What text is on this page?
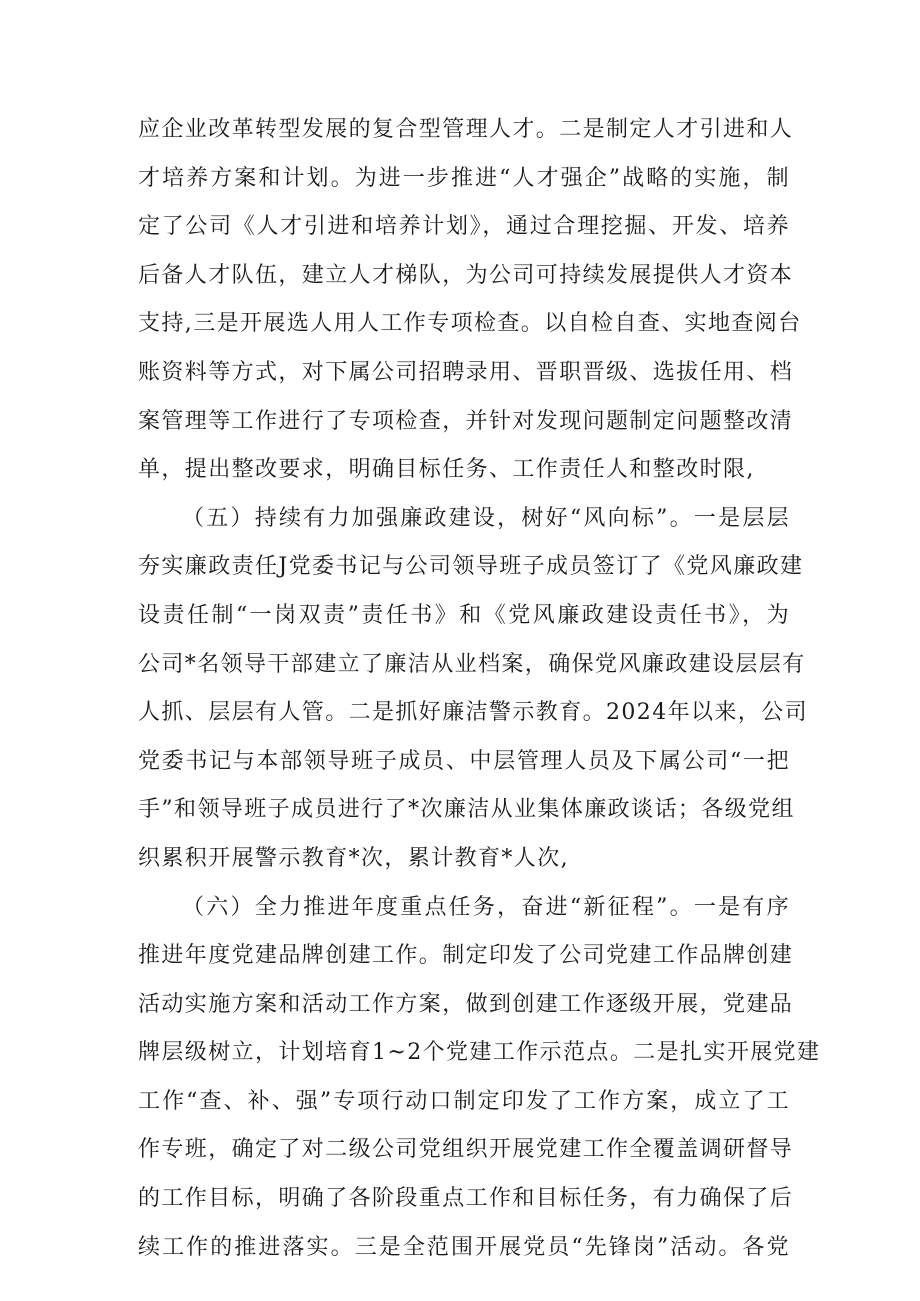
应企业改革转型发展的复合型管理人才。二是制定人才引进和人
才培养方案和计划。为进一步推进“人才强企”战略的实施，制
定了公司《人才引进和培养计划》，通过合理挖掘、开发、培养
后备人才队伍，建立人才梯队，为公司可持续发展提供人才资本
支持,三是开展选人用人工作专项检查。以自检自查、实地查阅台
账资料等方式，对下属公司招聘录用、晋职晋级、选拔任用、档
案管理等工作进行了专项检查，并针对发现问题制定问题整改清
单，提出整改要求，明确目标任务、工作责任人和整改时限,
（五）持续有力加强廉政建设，树好“风向标”。一是层层
夯实廉政责任J党委书记与公司领导班子成员签订了《党风廉政建
设责任制“一岗双责”责任书》和《党风廉政建设责任书》，为
公司*名领导干部建立了廉洁从业档案，确保党风廉政建设层层有
人抓、层层有人管。二是抓好廉洁警示教育。2024年以来，公司
党委书记与本部领导班子成员、中层管理人员及下属公司“一把
手”和领导班子成员进行了*次廉洁从业集体廉政谈话；各级党组
织累积开展警示教育*次，累计教育*人次,
（六）全力推进年度重点任务，奋进“新征程”。一是有序
推进年度党建品牌创建工作。制定印发了公司党建工作品牌创建
活动实施方案和活动工作方案，做到创建工作逐级开展，党建品
牌层级树立，计划培育1~2个党建工作示范点。二是扎实开展党建
工作“查、补、强”专项行动口制定印发了工作方案，成立了工
作专班，确定了对二级公司党组织开展党建工作全覆盖调研督导
的工作目标，明确了各阶段重点工作和目标任务，有力确保了后
续工作的推进落实。三是全范围开展党员“先锋岗”活动。各党
